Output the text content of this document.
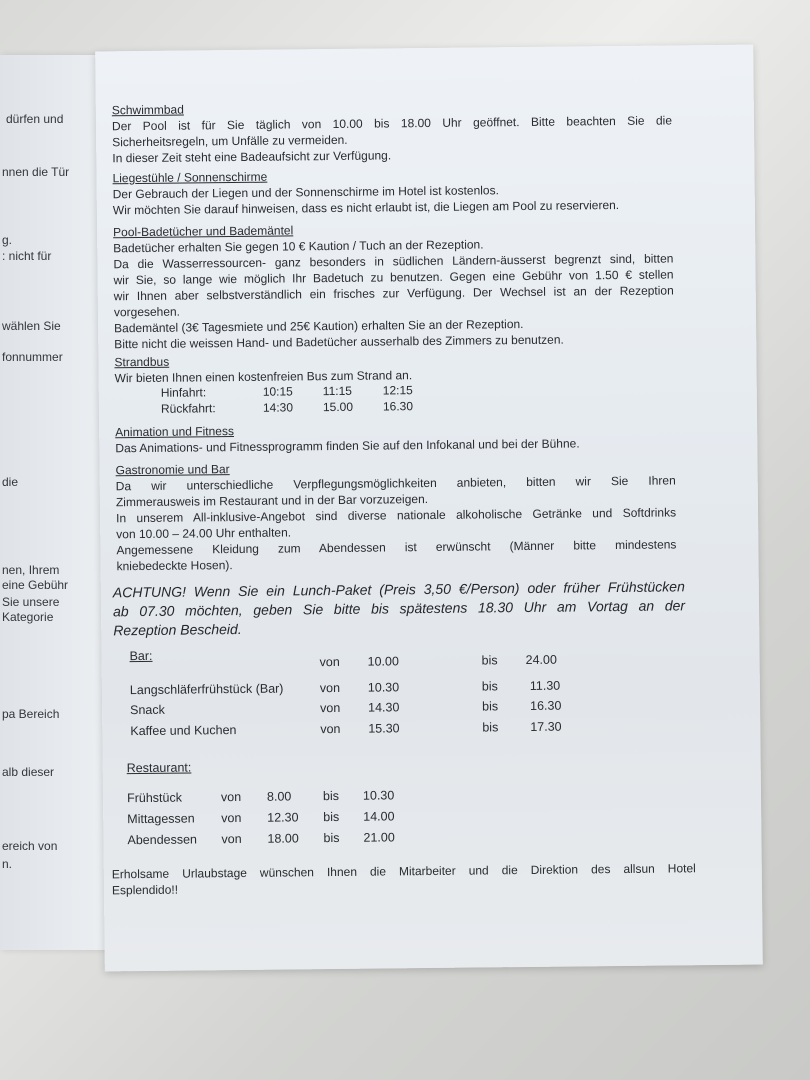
dürfen und
nnen die Tür
g.
: nicht für
wählen Sie
fonnummer
die
nen, Ihrem
eine Gebühr
Sie unsere
Kategorie
pa Bereich
alb dieser
ereich von
n.
Schwimmbad
Der Pool ist für Sie täglich von 10.00 bis 18.00 Uhr geöffnet. Bitte beachten Sie die
Sicherheitsregeln, um Unfälle zu vermeiden.
In dieser Zeit steht eine Badeaufsicht zur Verfügung.
Liegestühle / Sonnenschirme
Der Gebrauch der Liegen und der Sonnenschirme im Hotel ist kostenlos.
Wir möchten Sie darauf hinweisen, dass es nicht erlaubt ist, die Liegen am Pool zu reservieren.
Pool-Badetücher und Bademäntel
Badetücher erhalten Sie gegen 10 € Kaution / Tuch an der Rezeption.
Da die Wasserressourcen- ganz besonders in südlichen Ländern-äusserst begrenzt sind, bitten
wir Sie, so lange wie möglich Ihr Badetuch zu benutzen. Gegen eine Gebühr von 1.50 € stellen
wir Ihnen aber selbstverständlich ein frisches zur Verfügung. Der Wechsel ist an der Rezeption
vorgesehen.
Bademäntel (3€ Tagesmiete und 25€ Kaution) erhalten Sie an der Rezeption.
Bitte nicht die weissen Hand- und Badetücher ausserhalb des Zimmers zu benutzen.
Strandbus
Wir bieten Ihnen einen kostenfreien Bus zum Strand an.
Hinfahrt:	10:15 11:15	12:15
Rückfahrt:	14:30 15.00 16.30
Animation und Fitness
Das Animations- und Fitnessprogramm finden Sie auf den Infokanal und bei der Bühne.
Gastronomie und Bar
Da wir unterschiedliche Verpflegungsmöglichkeiten anbieten, bitten wir Sie Ihren
Zimmerausweis im Restaurant und in der Bar vorzuzeigen.
In unserem All-inklusive-Angebot sind diverse nationale alkoholische Getränke und Softdrinks
von 10.00 – 24.00 Uhr enthalten.
Angemessene Kleidung zum Abendessen ist erwünscht (Männer bitte mindestens
kniebedeckte Hosen).
ACHTUNG! Wenn Sie ein Lunch-Paket (Preis 3,50 €/Person) oder früher Frühstücken
ab 07.30 möchten, geben Sie bitte bis spätestens 18.30 Uhr am Vortag an der
Rezeption Bescheid.
Bar:	von 10.00	bis 24.00
Langschläferfrühstück (Bar)	von 10.30	bis	11.30
Snack	von 14.30	bis	16.30
Kaffee und Kuchen	von 15.30	bis	17.30
Restaurant:
Frühstück	von 8.00	bis 10.30
Mittagessen von 12.30 bis 14.00
Abendessen von 18.00 bis 21.00
Erholsame Urlaubstage wünschen Ihnen die Mitarbeiter und die Direktion des allsun Hotel
Esplendido!!
